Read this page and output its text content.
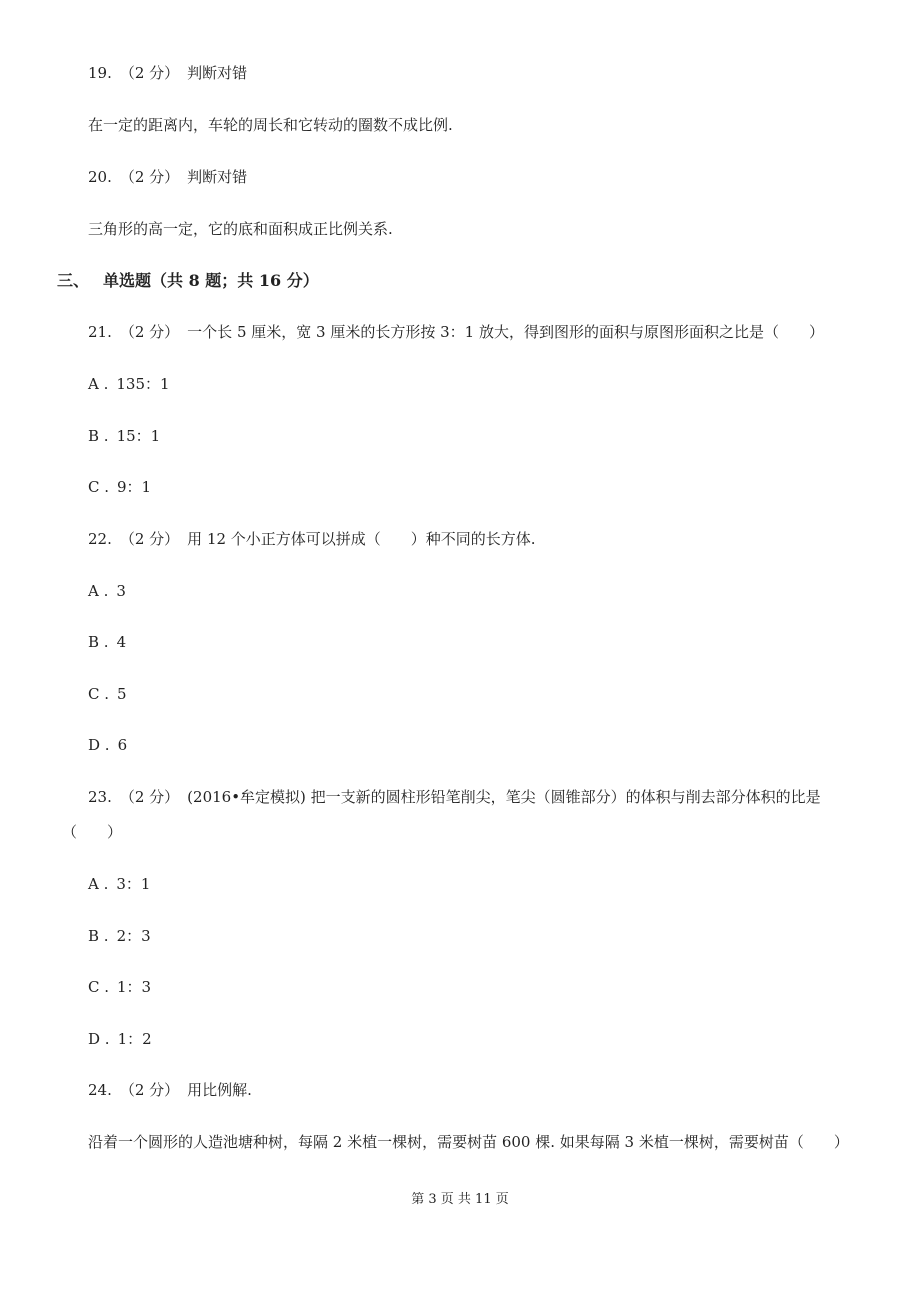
19. （2 分） 判断对错
在一定的距离内，车轮的周长和它转动的圈数不成比例.
20. （2 分） 判断对错
三角形的高一定，它的底和面积成正比例关系.
三、 单选题（共 8 题；共 16 分）
21. （2 分） 一个长 5 厘米，宽 3 厘米的长方形按 3：1 放大，得到图形的面积与原图形面积之比是（　　）
A . 135：1
B . 15：1
C . 9：1
22. （2 分） 用 12 个小正方体可以拼成（　　）种不同的长方体.
A . 3
B . 4
C . 5
D . 6
23. （2 分） (2016•牟定模拟) 把一支新的圆柱形铅笔削尖，笔尖（圆锥部分）的体积与削去部分体积的比是
（　　）
A . 3：1
B . 2：3
C . 1：3
D . 1：2
24. （2 分） 用比例解.
沿着一个圆形的人造池塘种树，每隔 2 米植一棵树，需要树苗 600 棵. 如果每隔 3 米植一棵树，需要树苗（　　）
第 3 页 共 11 页
